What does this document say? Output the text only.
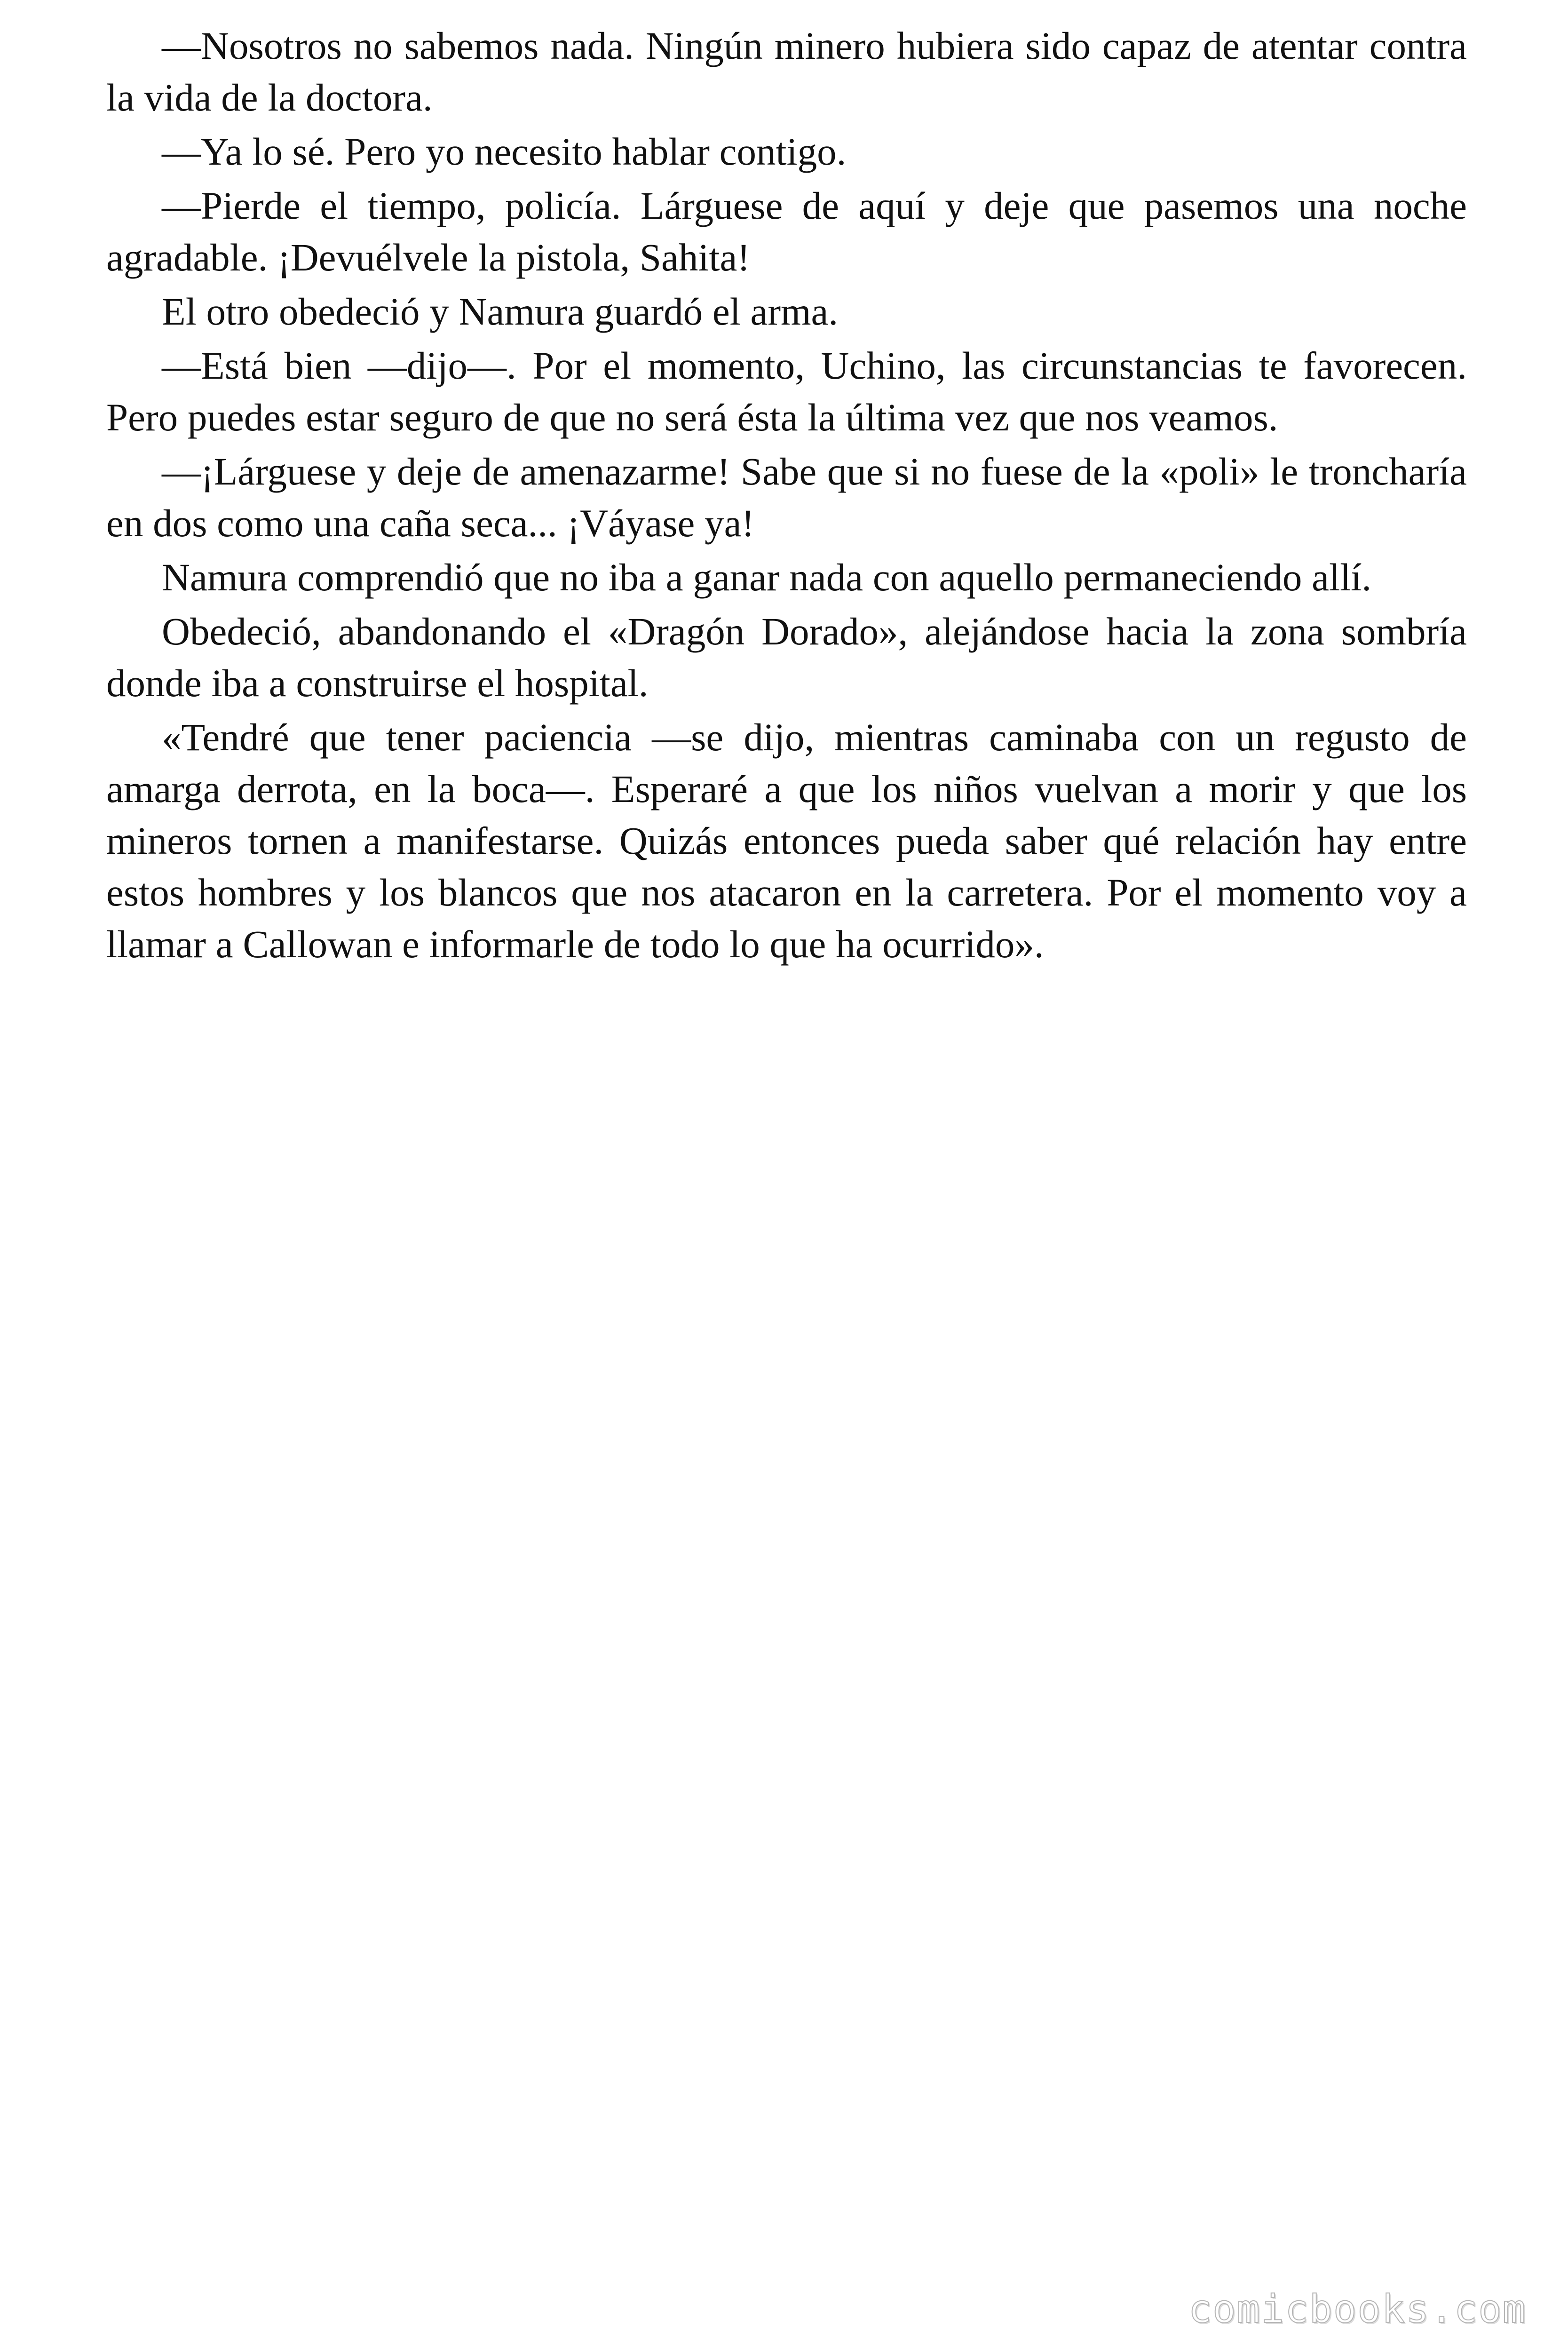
—Nosotros no sabemos nada. Ningún minero hubiera sido capaz de atentar contra la vida de la doctora.

—Ya lo sé. Pero yo necesito hablar contigo.

—Pierde el tiempo, policía. Lárguese de aquí y deje que pasemos una noche agradable. ¡Devuélvele la pistola, Sahita!

El otro obedeció y Namura guardó el arma.

—Está bien —dijo—. Por el momento, Uchino, las circunstancias te favorecen. Pero puedes estar seguro de que no será ésta la última vez que nos veamos.

—¡Lárguese y deje de amenazarme! Sabe que si no fuese de la «poli» le troncharía en dos como una caña seca... ¡Váyase ya!

Namura comprendió que no iba a ganar nada con aquello permaneciendo allí.

Obedeció, abandonando el «Dragón Dorado», alejándose hacia la zona sombría donde iba a construirse el hospital.

«Tendré que tener paciencia —se dijo, mientras caminaba con un regusto de amarga derrota, en la boca—. Esperaré a que los niños vuelvan a morir y que los mineros tornen a manifestarse. Quizás entonces pueda saber qué relación hay entre estos hombres y los blancos que nos atacaron en la carretera. Por el momento voy a llamar a Callowan e informarle de todo lo que ha ocurrido».

comicbooks.com
